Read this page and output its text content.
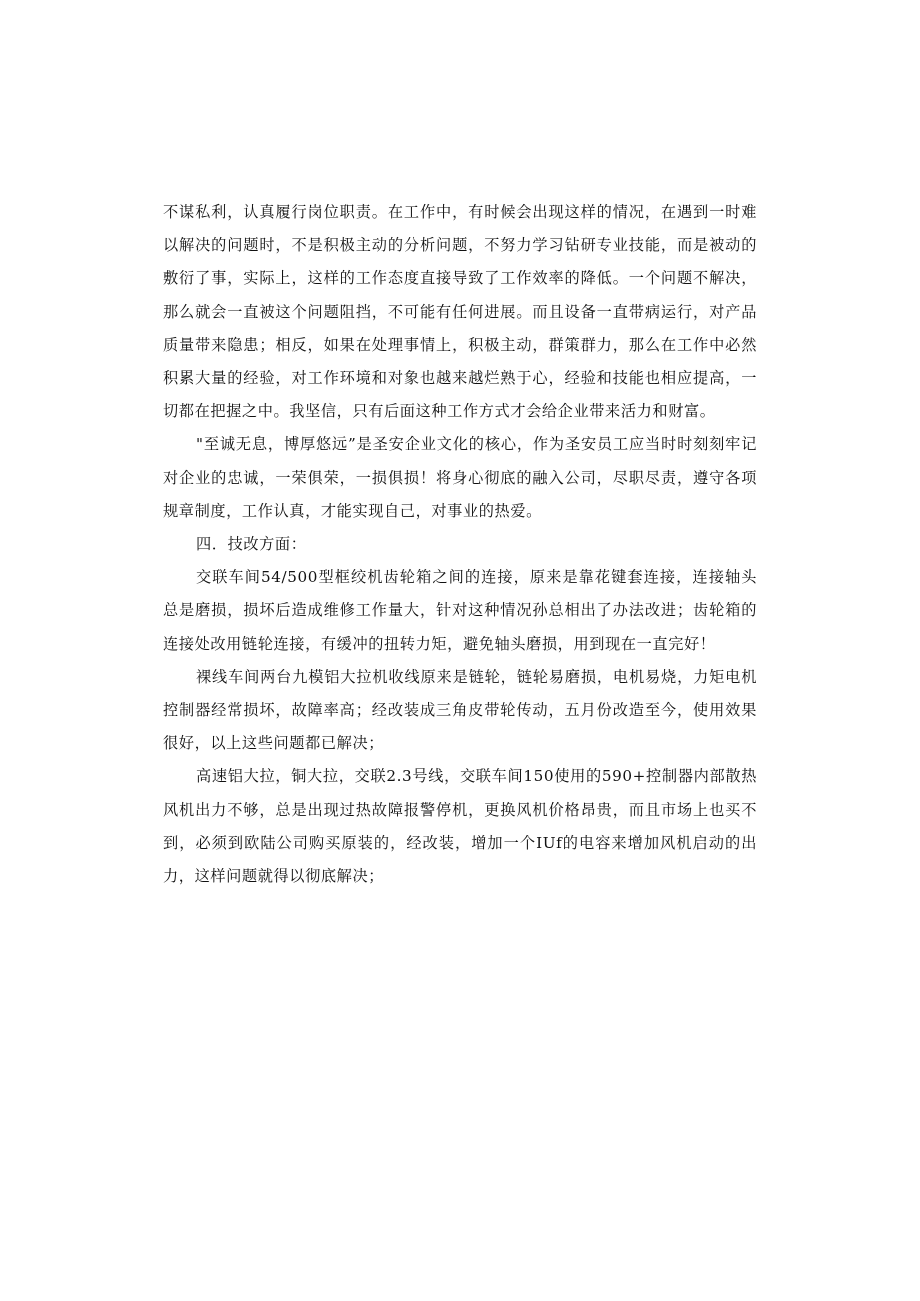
不谋私利，认真履行岗位职责。在工作中，有时候会出现这样的情况，在遇到一时难以解决的问题时，不是积极主动的分析问题，不努力学习钻研专业技能，而是被动的敷衍了事，实际上，这样的工作态度直接导致了工作效率的降低。一个问题不解决，那么就会一直被这个问题阻挡，不可能有任何进展。而且设备一直带病运行，对产品质量带来隐患；相反，如果在处理事情上，积极主动，群策群力，那么在工作中必然积累大量的经验，对工作环境和对象也越来越烂熟于心，经验和技能也相应提高，一切都在把握之中。我坚信，只有后面这种工作方式才会给企业带来活力和财富。

"至诚无息，博厚悠远”是圣安企业文化的核心，作为圣安员工应当时时刻刻牢记对企业的忠诚，一荣俱荣，一损俱损！将身心彻底的融入公司，尽职尽责，遵守各项规章制度，工作认真，才能实现自己，对事业的热爱。

四．技改方面：

交联车间54/500型框绞机齿轮箱之间的连接，原来是靠花键套连接，连接轴头总是磨损，损坏后造成维修工作量大，针对这种情况孙总相出了办法改进；齿轮箱的连接处改用链轮连接，有缓冲的扭转力矩，避免轴头磨损，用到现在一直完好！

裸线车间两台九模铝大拉机收线原来是链轮，链轮易磨损，电机易烧，力矩电机控制器经常损坏，故障率高；经改装成三角皮带轮传动，五月份改造至今，使用效果很好，以上这些问题都已解决；

高速铝大拉，铜大拉，交联2.3号线，交联车间150使用的590+控制器内部散热风机出力不够，总是出现过热故障报警停机，更换风机价格昂贵，而且市场上也买不到，必须到欧陆公司购买原装的，经改装，增加一个IUf的电容来增加风机启动的出力，这样问题就得以彻底解决；
